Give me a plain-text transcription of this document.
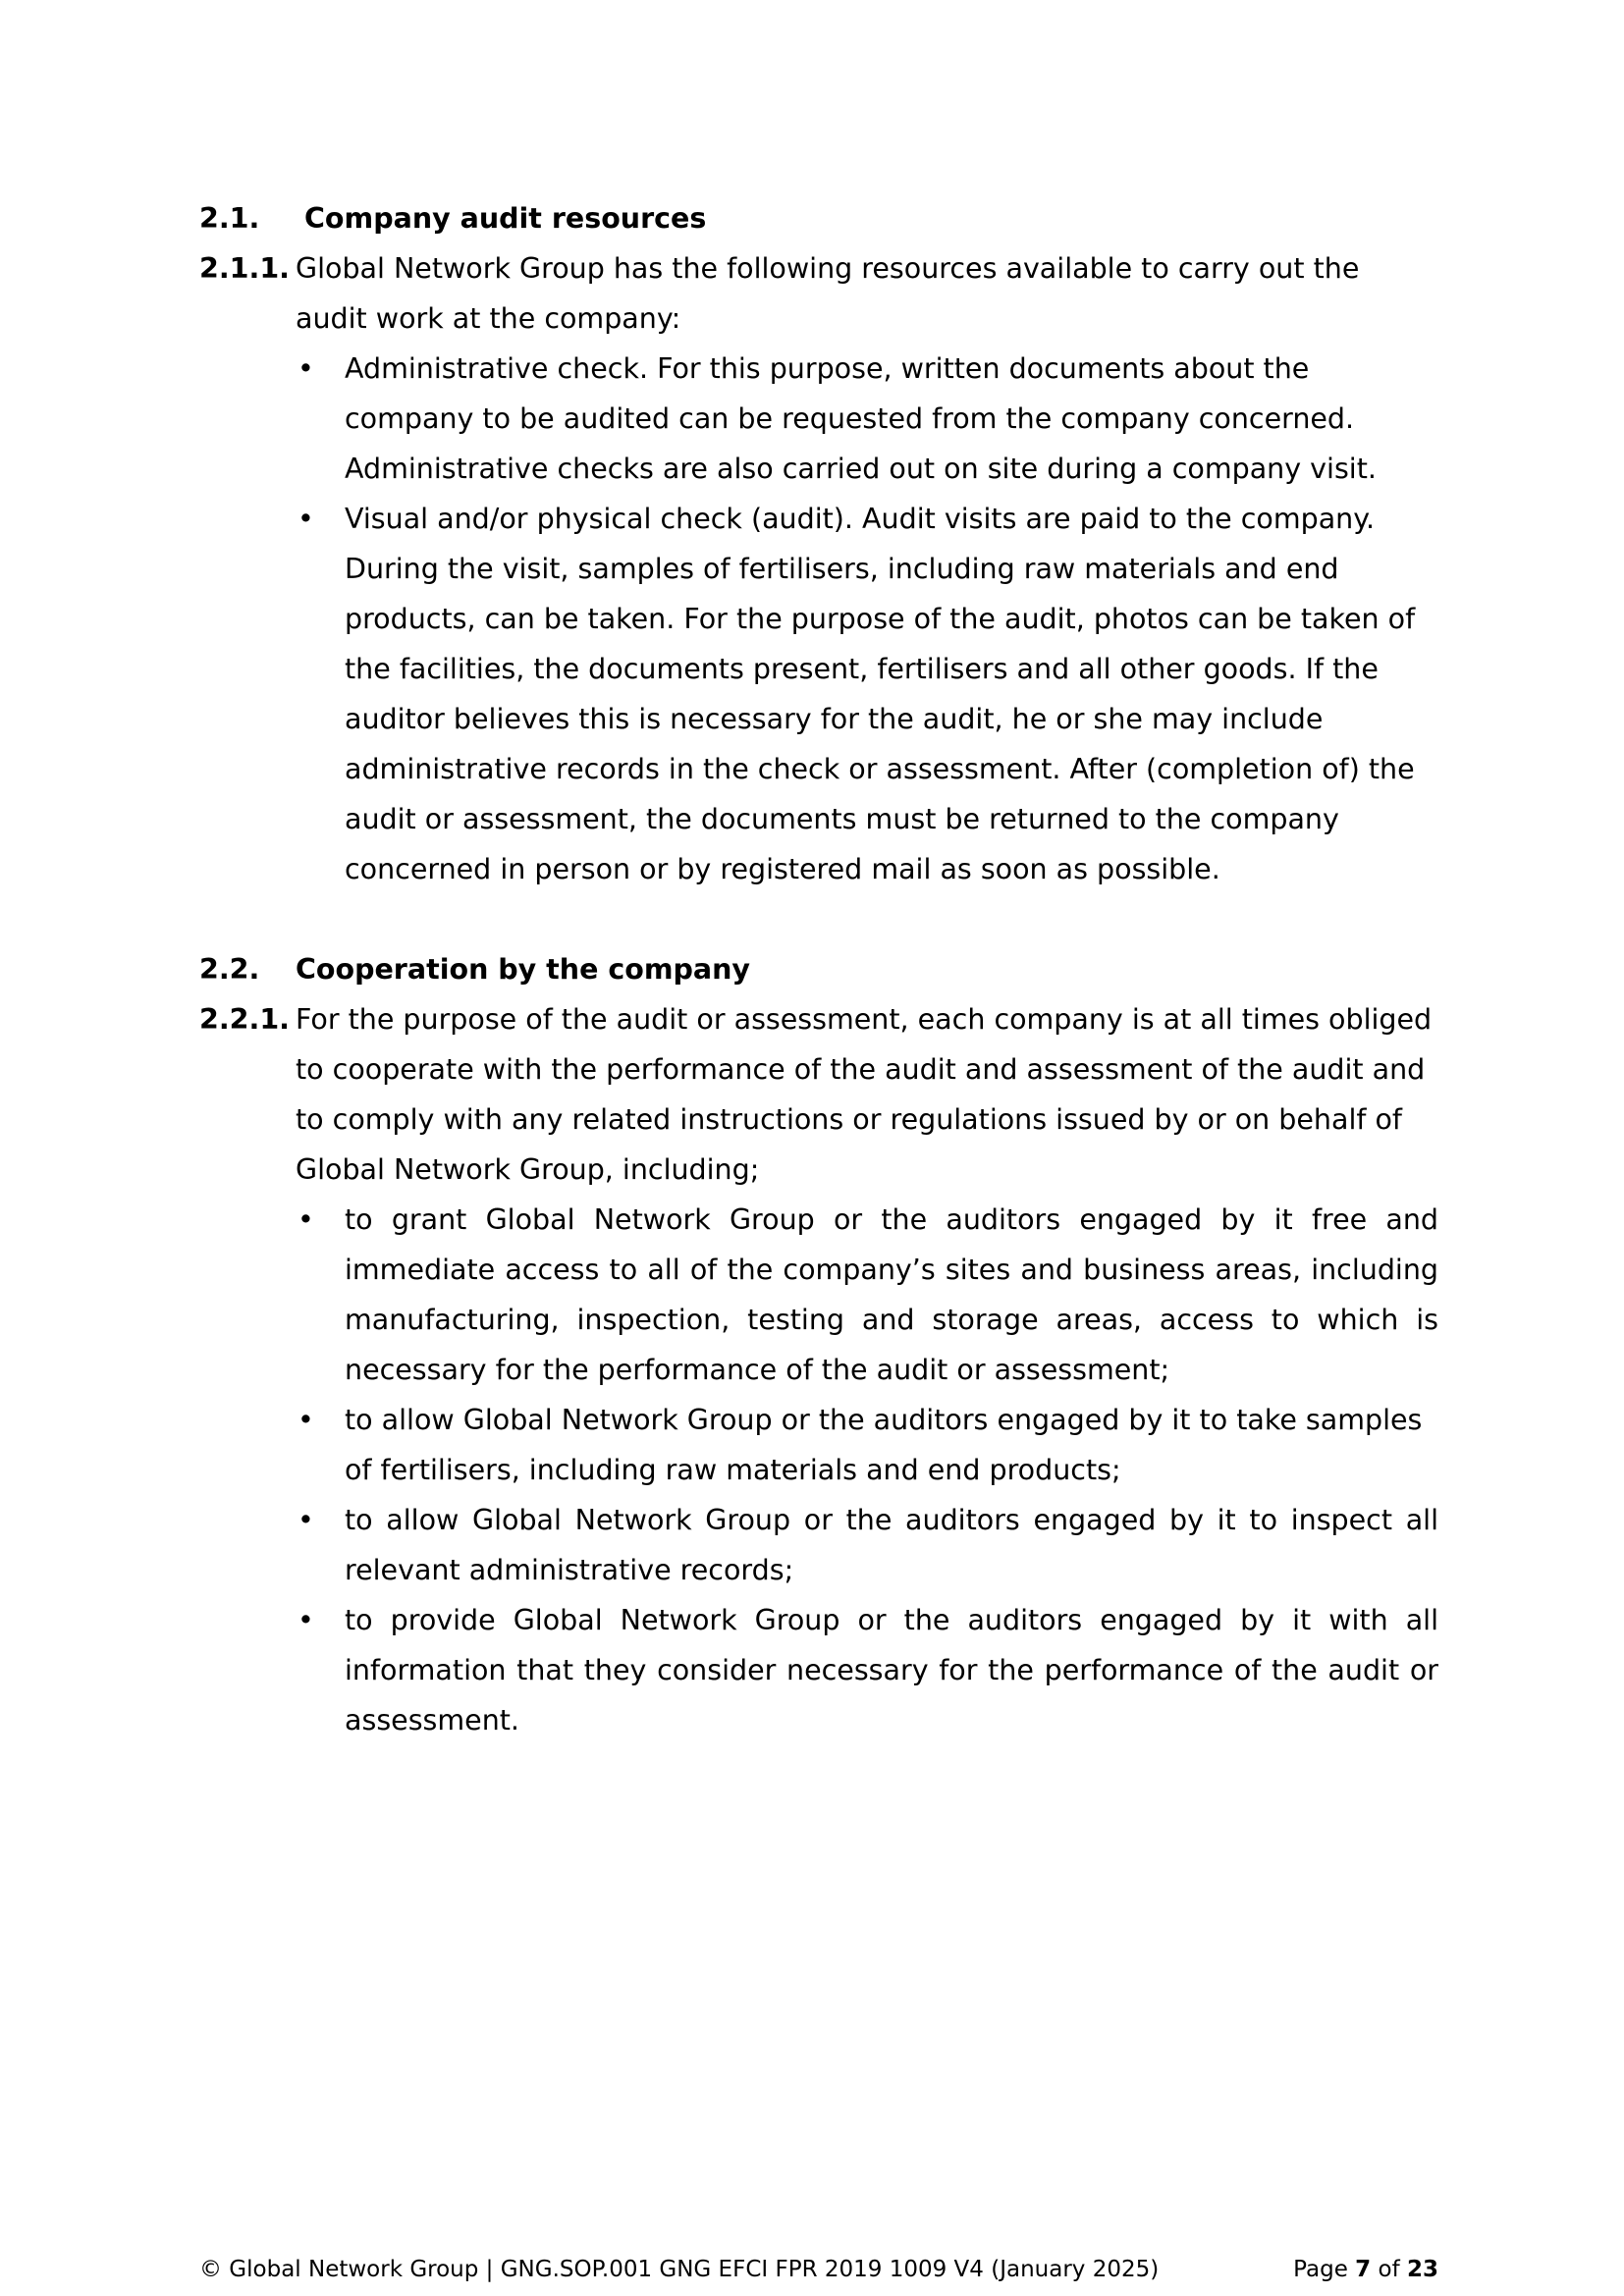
2.1.	Company audit resources
2.1.1. Global Network Group has the following resources available to carry out the audit work at the company:
•	Administrative check. For this purpose, written documents about the company to be audited can be requested from the company concerned. Administrative checks are also carried out on site during a company visit.
•	Visual and/or physical check (audit). Audit visits are paid to the company. During the visit, samples of fertilisers, including raw materials and end products, can be taken. For the purpose of the audit, photos can be taken of the facilities, the documents present, fertilisers and all other goods. If the auditor believes this is necessary for the audit, he or she may include administrative records in the check or assessment. After (completion of) the audit or assessment, the documents must be returned to the company concerned in person or by registered mail as soon as possible.
2.2.	Cooperation by the company
2.2.1. For the purpose of the audit or assessment, each company is at all times obliged to cooperate with the performance of the audit and assessment of the audit and to comply with any related instructions or regulations issued by or on behalf of Global Network Group, including;
•	to grant Global Network Group or the auditors engaged by it free and immediate access to all of the company’s sites and business areas, including manufacturing, inspection, testing and storage areas, access to which is necessary for the performance of the audit or assessment;
•	to allow Global Network Group or the auditors engaged by it to take samples of fertilisers, including raw materials and end products;
•	to allow Global Network Group or the auditors engaged by it to inspect all relevant administrative records;
•	to provide Global Network Group or the auditors engaged by it with all information that they consider necessary for the performance of the audit or assessment.
© Global Network Group | GNG.SOP.001 GNG EFCI FPR 2019 1009 V4 (January 2025)	Page 7 of 23
